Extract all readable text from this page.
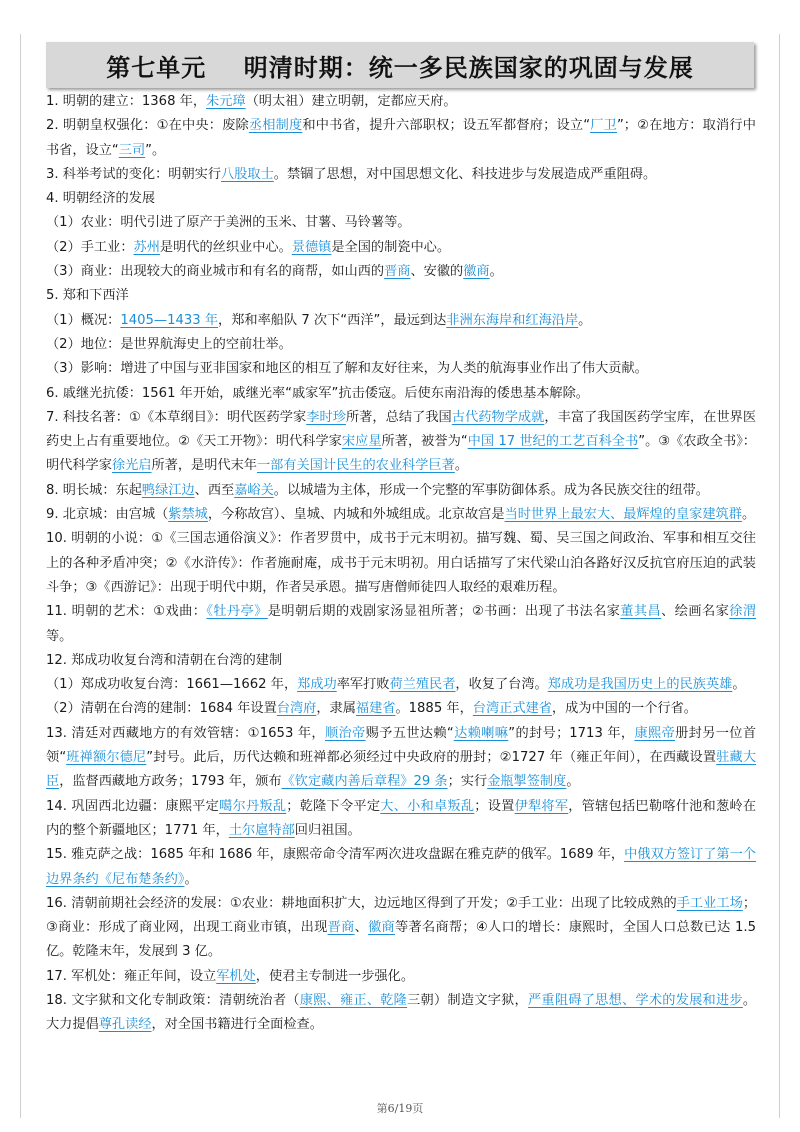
第七单元    明清时期：统一多民族国家的巩固与发展

1. 明朝的建立：1368 年，朱元璋（明太祖）建立明朝，定都应天府。

2. 明朝皇权强化：①在中央：废除丞相制度和中书省，提升六部职权；设五军都督府；设立“厂卫”；②在地方：取消行中书省，设立“三司”。

3. 科举考试的变化：明朝实行八股取士。禁锢了思想，对中国思想文化、科技进步与发展造成严重阻碍。

4. 明朝经济的发展

（1）农业：明代引进了原产于美洲的玉米、甘薯、马铃薯等。

（2）手工业：苏州是明代的丝织业中心。景德镇是全国的制瓷中心。

（3）商业：出现较大的商业城市和有名的商帮，如山西的晋商、安徽的徽商。

5. 郑和下西洋

（1）概况：1405—1433 年，郑和率船队 7 次下“西洋”，最远到达非洲东海岸和红海沿岸。

（2）地位：是世界航海史上的空前壮举。

（3）影响：增进了中国与亚非国家和地区的相互了解和友好往来，为人类的航海事业作出了伟大贡献。

6. 戚继光抗倭：1561 年开始，戚继光率“戚家军”抗击倭寇。后使东南沿海的倭患基本解除。

7. 科技名著：①《本草纲目》：明代医药学家李时珍所著，总结了我国古代药物学成就，丰富了我国医药学宝库，在世界医药史上占有重要地位。②《天工开物》：明代科学家宋应星所著，被誉为“中国 17 世纪的工艺百科全书”。③《农政全书》：明代科学家徐光启所著，是明代末年一部有关国计民生的农业科学巨著。

8. 明长城：东起鸭绿江边、西至嘉峪关。以城墙为主体，形成一个完整的军事防御体系。成为各民族交往的纽带。

9. 北京城：由宫城（紫禁城，今称故宫）、皇城、内城和外城组成。北京故宫是当时世界上最宏大、最辉煌的皇家建筑群。

10. 明朝的小说：①《三国志通俗演义》：作者罗贯中，成书于元末明初。描写魏、蜀、吴三国之间政治、军事和相互交往上的各种矛盾冲突；②《水浒传》：作者施耐庵，成书于元末明初。用白话描写了宋代梁山泊各路好汉反抗官府压迫的武装斗争；③《西游记》：出现于明代中期，作者吴承恩。描写唐僧师徒四人取经的艰难历程。

11. 明朝的艺术：①戏曲：《牡丹亭》是明朝后期的戏剧家汤显祖所著；②书画：出现了书法名家董其昌、绘画名家徐渭等。

12. 郑成功收复台湾和清朝在台湾的建制

（1）郑成功收复台湾：1661—1662 年，郑成功率军打败荷兰殖民者，收复了台湾。郑成功是我国历史上的民族英雄。

（2）清朝在台湾的建制：1684 年设置台湾府，隶属福建省。1885 年，台湾正式建省，成为中国的一个行省。

13. 清廷对西藏地方的有效管辖：①1653 年，顺治帝赐予五世达赖“达赖喇嘛”的封号；1713 年，康熙帝册封另一位首领“班禅额尔德尼”封号。此后，历代达赖和班禅都必须经过中央政府的册封；②1727 年（雍正年间），在西藏设置驻藏大臣，监督西藏地方政务；1793 年，颁布《钦定藏内善后章程》29 条；实行金瓶掣签制度。

14. 巩固西北边疆：康熙平定噶尔丹叛乱；乾隆下令平定大、小和卓叛乱；设置伊犁将军，管辖包括巴勒喀什池和葱岭在内的整个新疆地区；1771 年，土尔扈特部回归祖国。

15. 雅克萨之战：1685 年和 1686 年，康熙帝命令清军两次进攻盘踞在雅克萨的俄军。1689 年，中俄双方签订了第一个边界条约《尼布楚条约》。

16. 清朝前期社会经济的发展：①农业：耕地面积扩大，边远地区得到了开发；②手工业：出现了比较成熟的手工业工场；③商业：形成了商业网，出现工商业市镇，出现晋商、徽商等著名商帮；④人口的增长：康熙时，全国人口总数已达 1.5 亿。乾隆末年，发展到 3 亿。

17. 军机处：雍正年间，设立军机处，使君主专制进一步强化。

18. 文字狱和文化专制政策：清朝统治者（康熙、雍正、乾隆三朝）制造文字狱，严重阻碍了思想、学术的发展和进步。大力提倡尊孔读经，对全国书籍进行全面检查。

第6/19页
